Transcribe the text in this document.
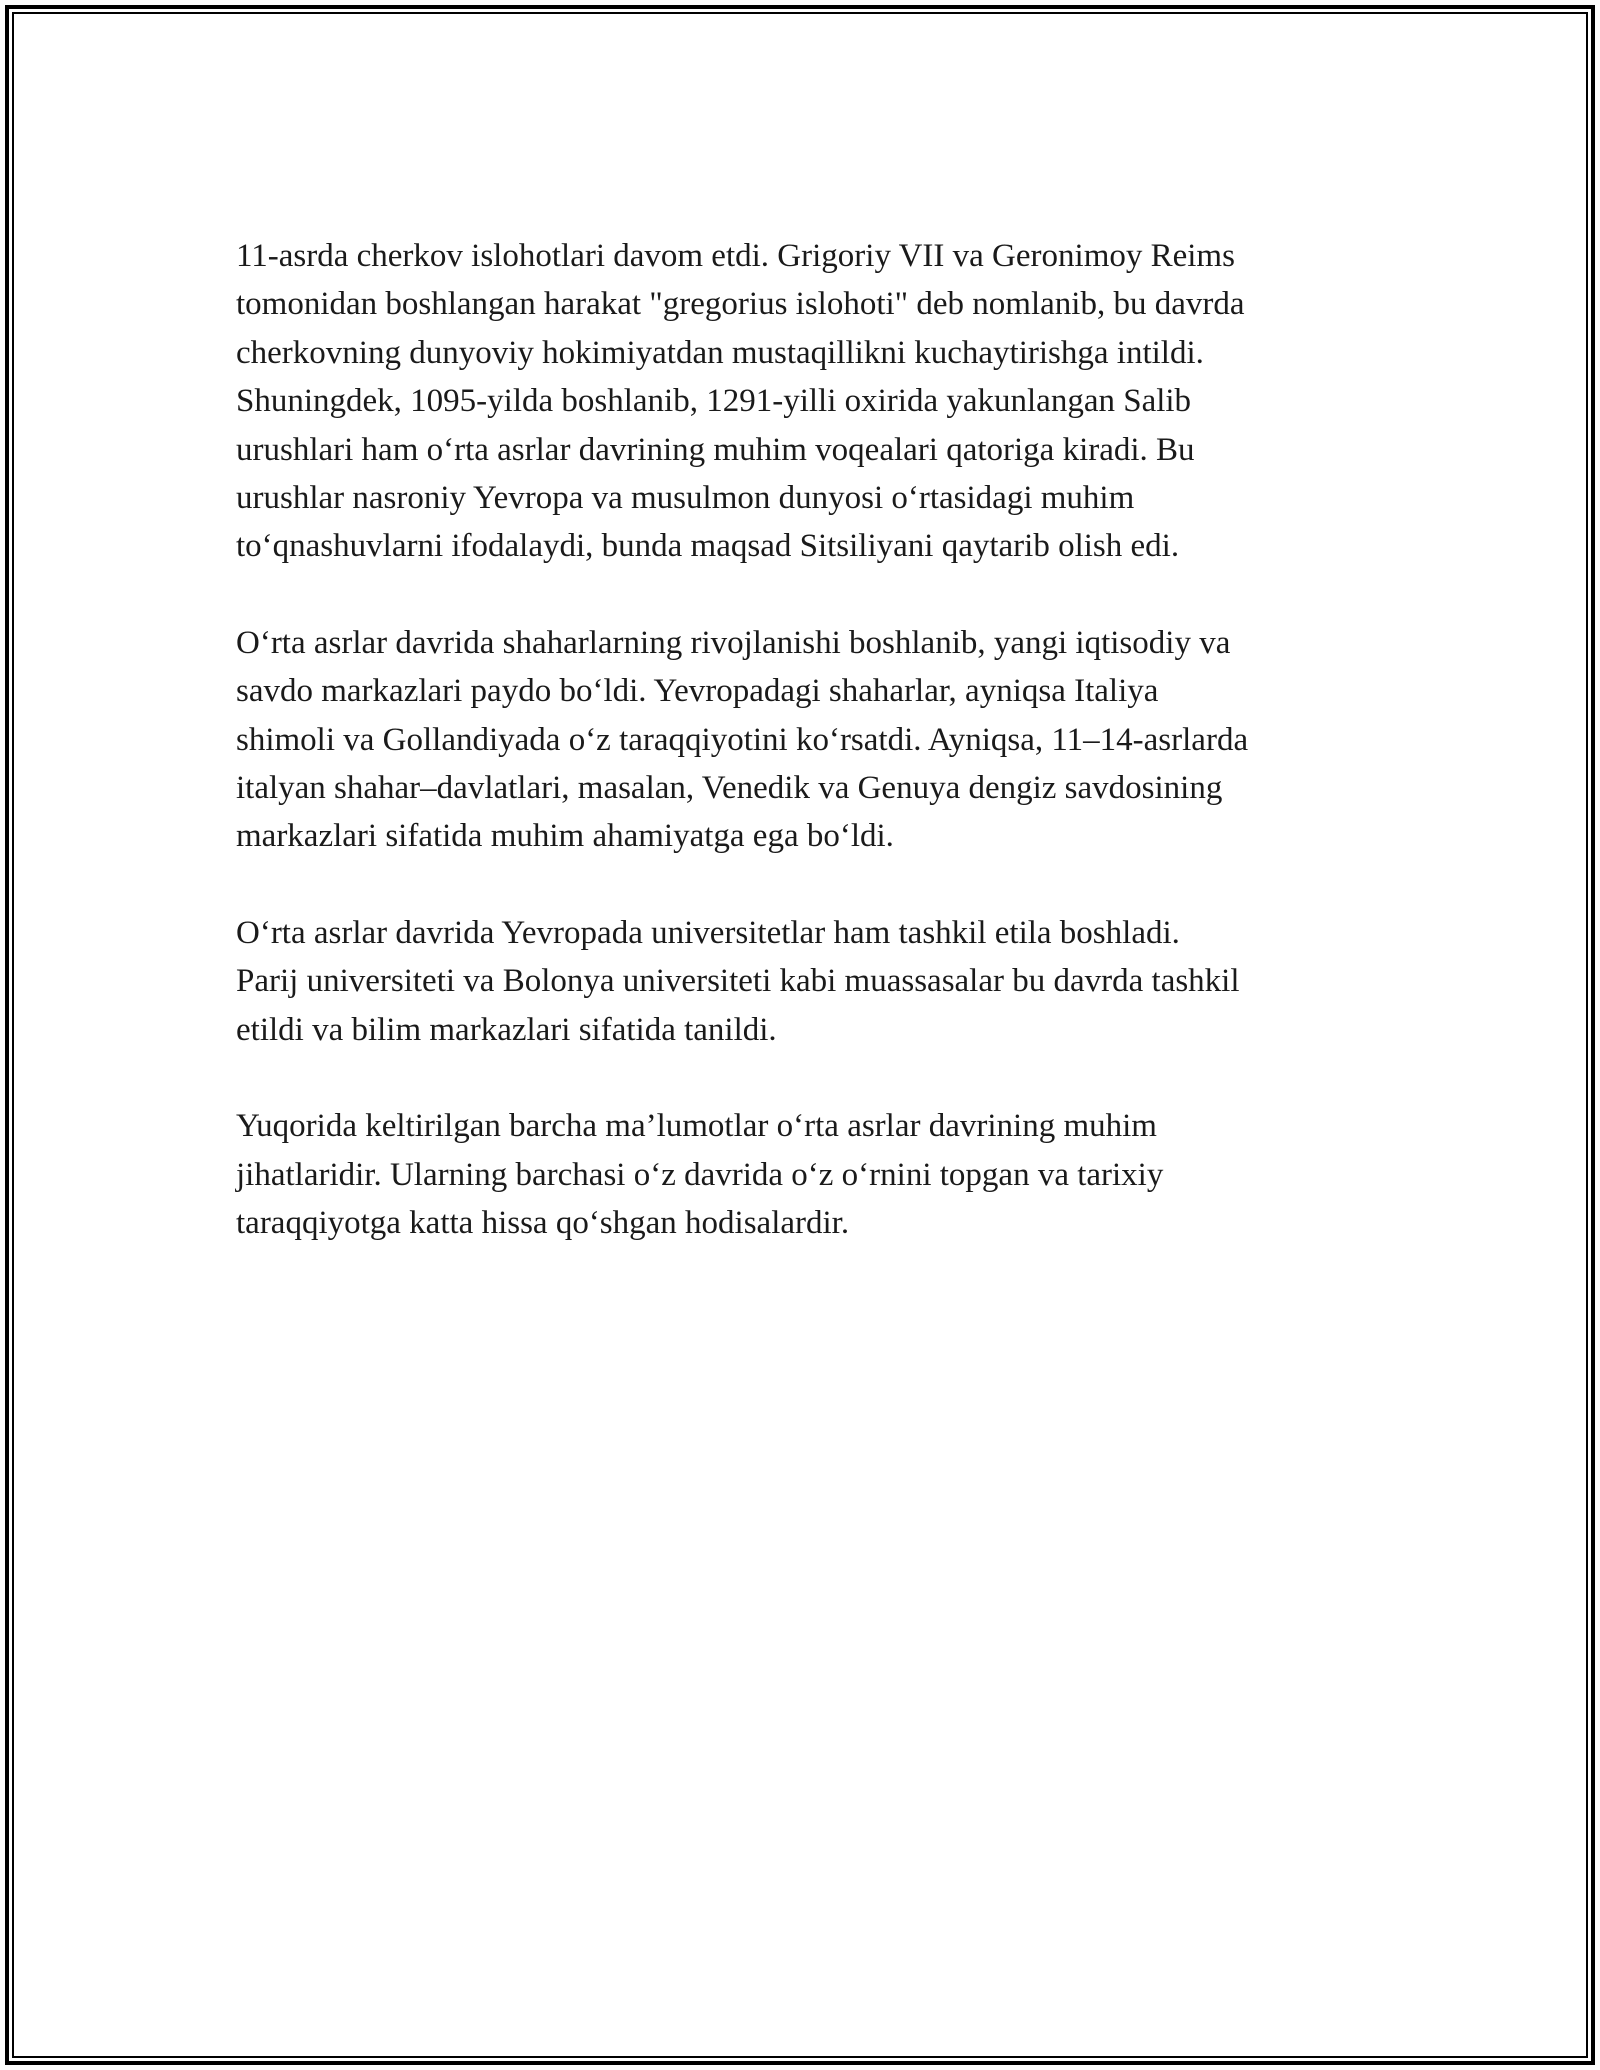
11-asrda cherkov islohotlari davom etdi. Grigoriy VII va Geronimoy Reims
tomonidan boshlangan harakat "gregorius islohoti" deb nomlanib, bu davrda
cherkovning dunyoviy hokimiyatdan mustaqillikni kuchaytirishga intildi.
Shuningdek, 1095-yilda boshlanib, 1291-yilli oxirida yakunlangan Salib
urushlari ham o‘rta asrlar davrining muhim voqealari qatoriga kiradi. Bu
urushlar nasroniy Yevropa va musulmon dunyosi o‘rtasidagi muhim
to‘qnashuvlarni ifodalaydi, bunda maqsad Sitsiliyani qaytarib olish edi.

O‘rta asrlar davrida shaharlarning rivojlanishi boshlanib, yangi iqtisodiy va
savdo markazlari paydo bo‘ldi. Yevropadagi shaharlar, ayniqsa Italiya
shimoli va Gollandiyada o‘z taraqqiyotini ko‘rsatdi. Ayniqsa, 11–14-asrlarda
italyan shahar–davlatlari, masalan, Venedik va Genuya dengiz savdosining
markazlari sifatida muhim ahamiyatga ega bo‘ldi.

O‘rta asrlar davrida Yevropada universitetlar ham tashkil etila boshladi.
Parij universiteti va Bolonya universiteti kabi muassasalar bu davrda tashkil
etildi va bilim markazlari sifatida tanildi.

Yuqorida keltirilgan barcha ma’lumotlar o‘rta asrlar davrining muhim
jihatlaridir. Ularning barchasi o‘z davrida o‘z o‘rnini topgan va tarixiy
taraqqiyotga katta hissa qo‘shgan hodisalardir.
